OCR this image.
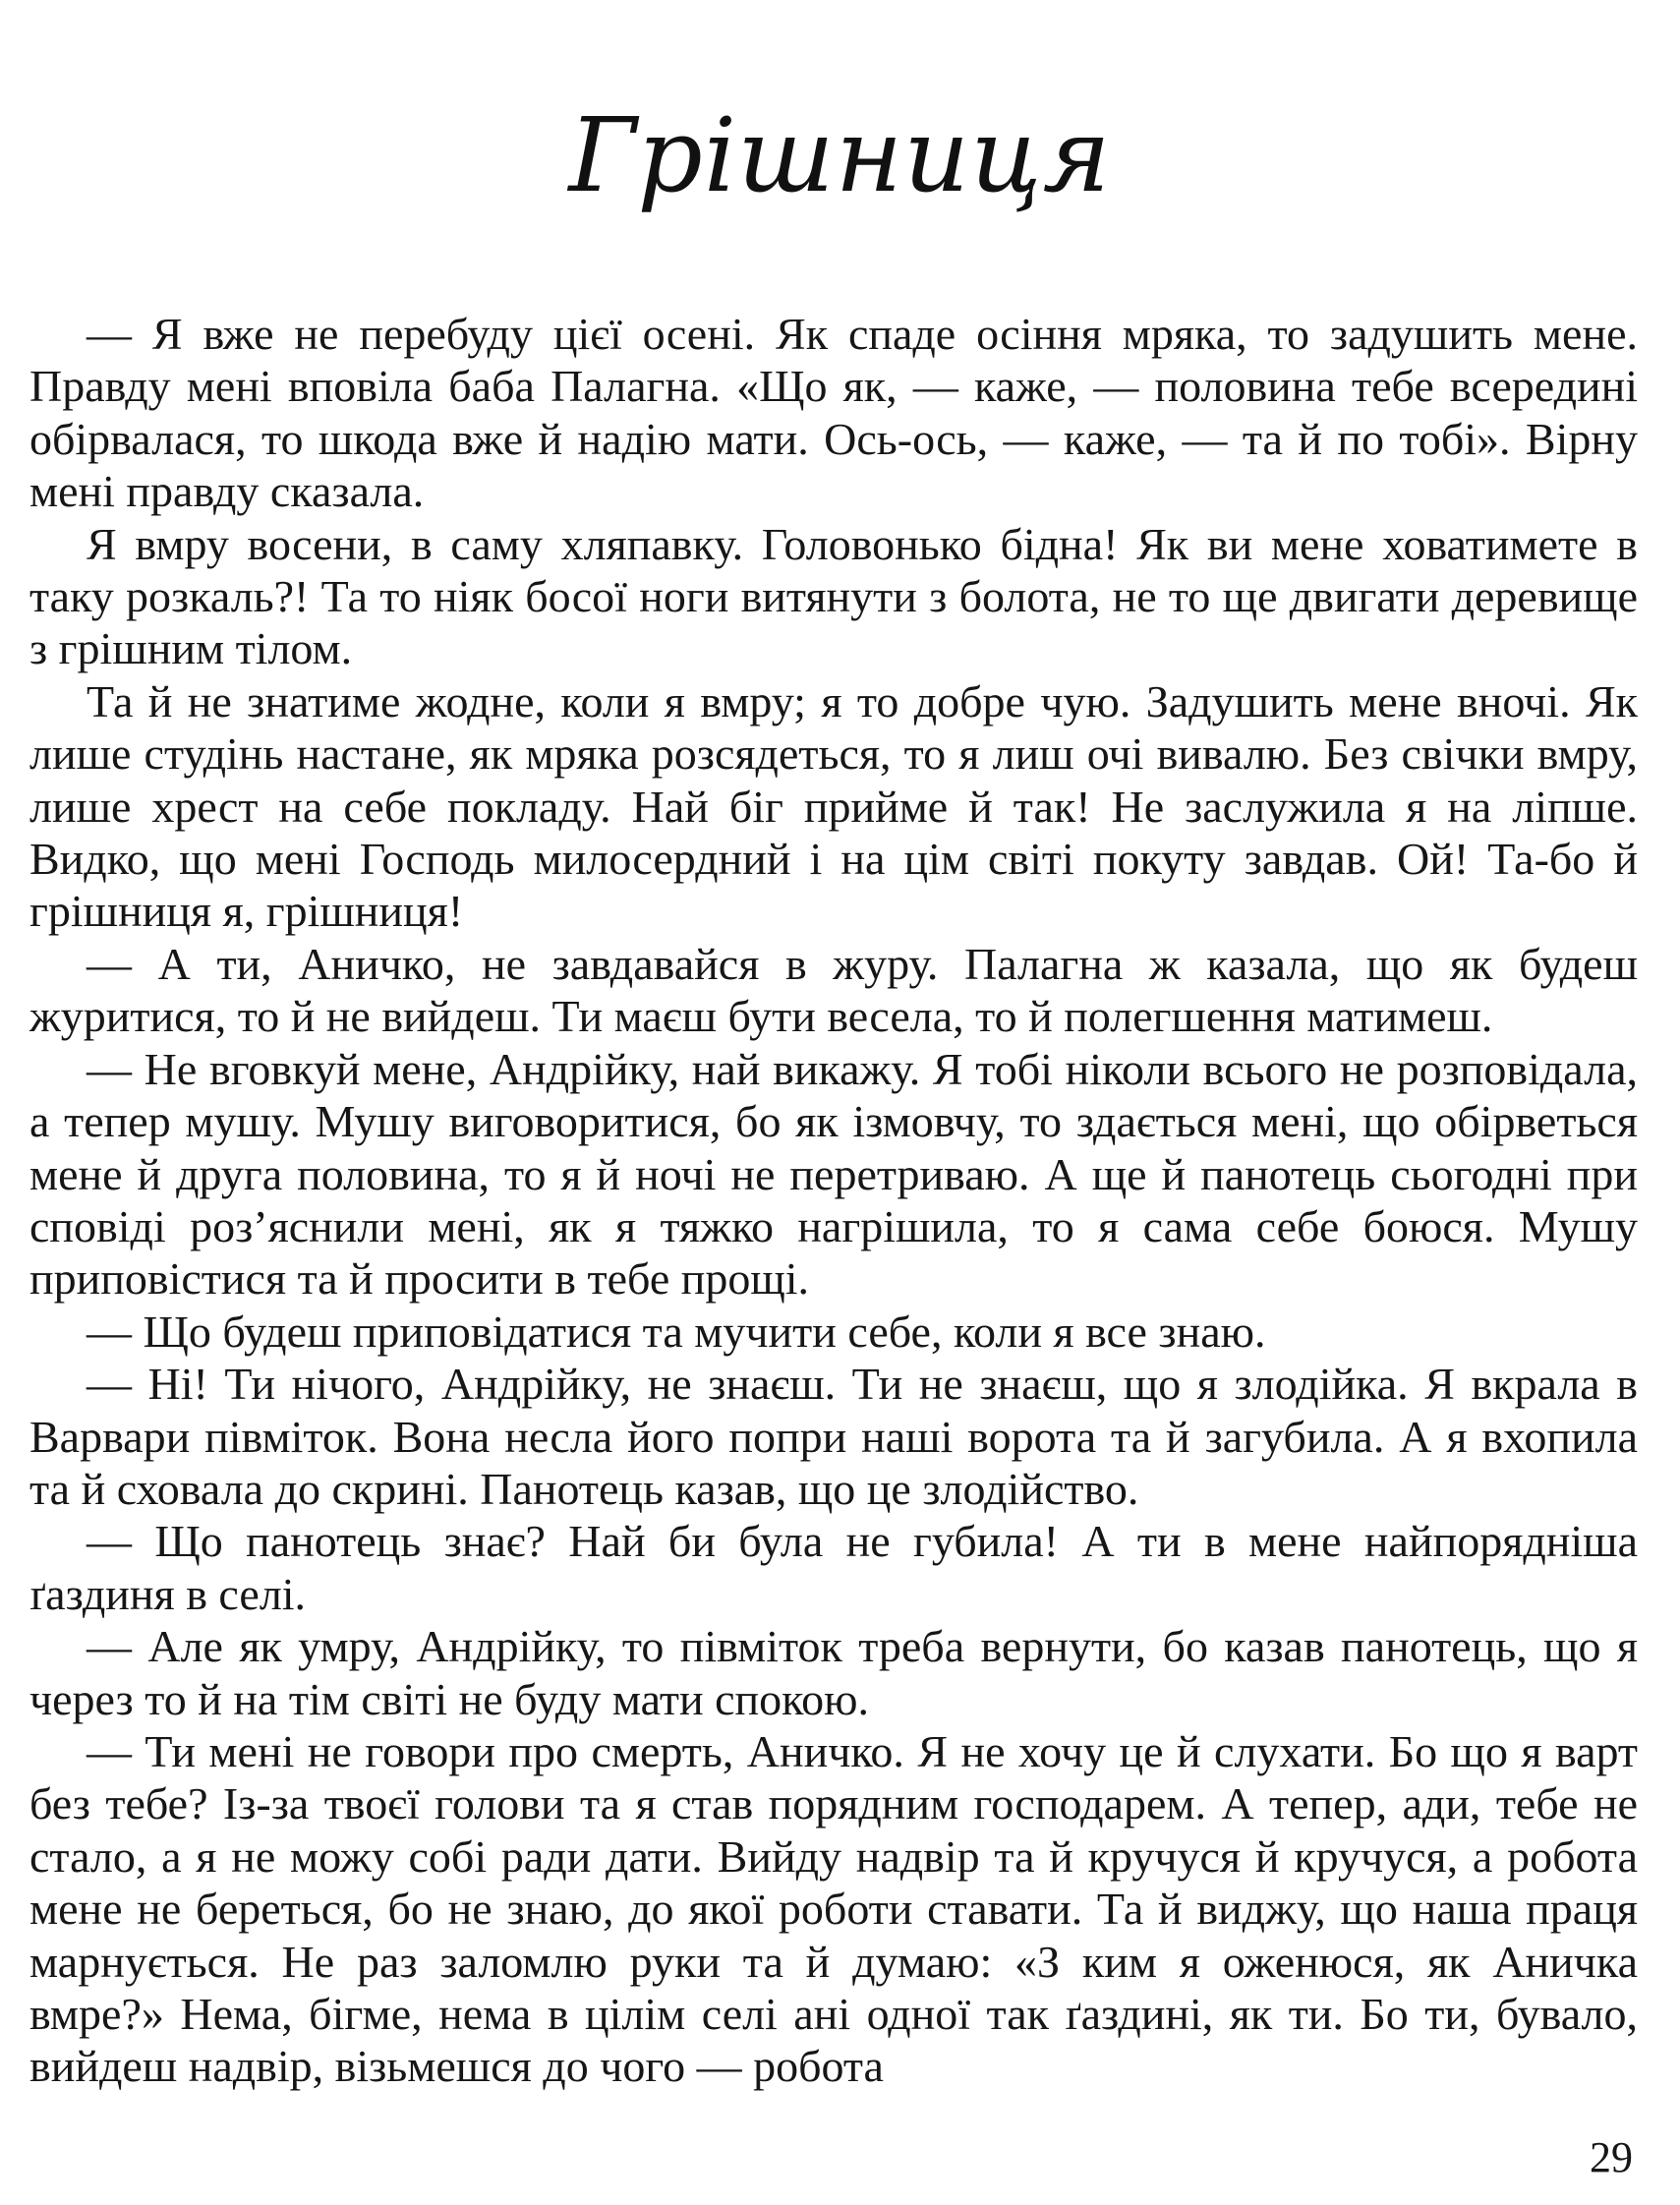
Грішниця

— Я вже не перебуду цієї осені. Як спаде осіння мряка, то задушить мене. Правду мені вповіла баба Палагна. «Що як, — каже, — половина тебе всередині обірвалася, то шкода вже й надію мати. Ось-ось, — каже, — та й по тобі». Вірну мені правду сказала.

Я вмру восени, в саму хляпавку. Головонько бідна! Як ви мене ховатимете в таку розкаль?! Та то ніяк босої ноги витянути з болота, не то ще двигати деревище з грішним тілом.

Та й не знатиме жодне, коли я вмру; я то добре чую. Задушить мене вночі. Як лише студінь настане, як мряка розсядеться, то я лиш очі вивалю. Без свічки вмру, лише хрест на себе покладу. Най біг прийме й так! Не заслужила я на ліпше. Видко, що мені Господь милосердний і на цім світі покуту завдав. Ой! Та-бо й грішниця я, грішниця!

— А ти, Аничко, не завдавайся в журу. Палагна ж казала, що як будеш журитися, то й не вийдеш. Ти маєш бути весела, то й полегшення матимеш.

— Не вговкуй мене, Андрійку, най викажу. Я тобі ніколи всього не розповідала, а тепер мушу. Мушу виговоритися, бо як ізмовчу, то здається мені, що обірветься мене й друга половина, то я й ночі не перетриваю. А ще й панотець сьогодні при сповіді роз’яснили мені, як я тяжко нагрішила, то я сама себе боюся. Мушу приповістися та й просити в тебе прощі.

— Що будеш приповідатися та мучити себе, коли я все знаю.

— Ні! Ти нічого, Андрійку, не знаєш. Ти не знаєш, що я злодійка. Я вкрала в Варвари півміток. Вона несла його попри наші ворота та й загубила. А я вхопила та й сховала до скрині. Панотець казав, що це злодійство.

— Що панотець знає? Най би була не губила! А ти в мене найпорядніша ґаздиня в селі.

— Але як умру, Андрійку, то півміток треба вернути, бо казав панотець, що я через то й на тім світі не буду мати спокою.

— Ти мені не говори про смерть, Аничко. Я не хочу це й слухати. Бо що я варт без тебе? Із-за твоєї голови та я став порядним господарем. А тепер, ади, тебе не стало, а я не можу собі ради дати. Вийду надвір та й кручуся й кручуся, а робота мене не береться, бо не знаю, до якої роботи ставати. Та й виджу, що наша праця марнується. Не раз заломлю руки та й думаю: «З ким я оженюся, як Аничка вмре?» Нема, бігме, нема в цілім селі ані одної так ґаздині, як ти. Бо ти, бувало, вийдеш надвір, візьмешся до чого — робота

29
